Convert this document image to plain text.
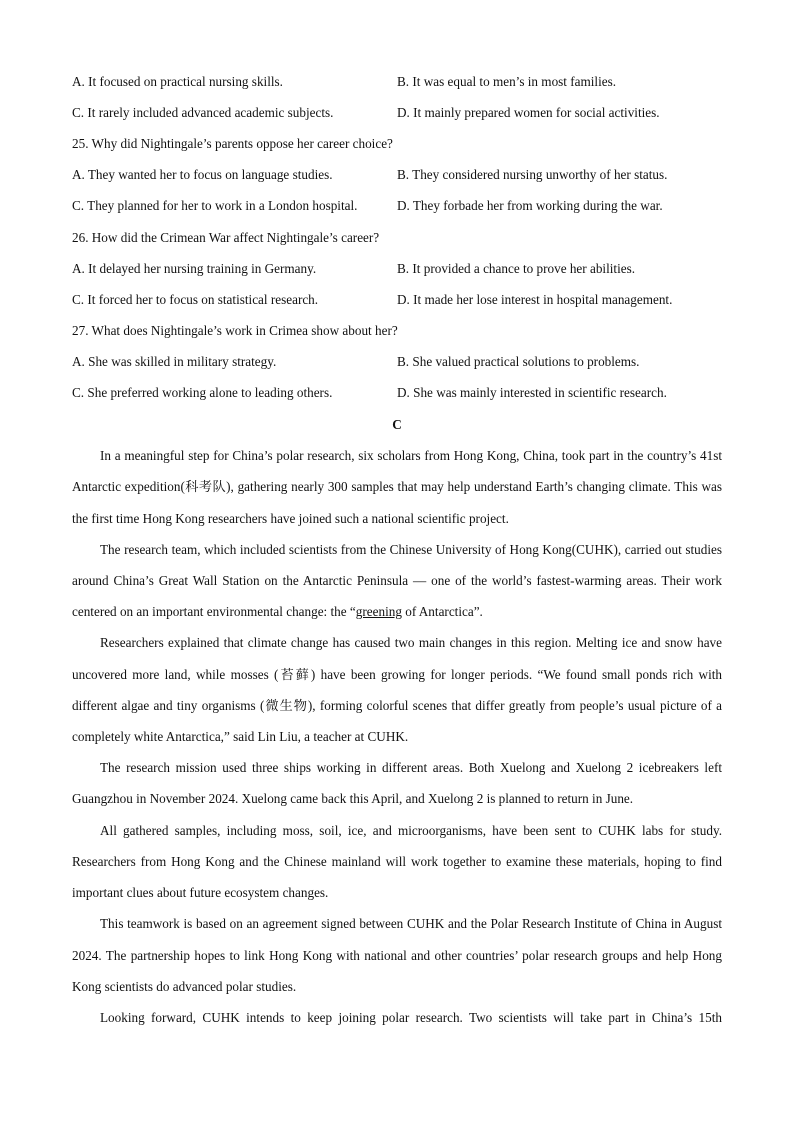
A. It focused on practical nursing skills.	B. It was equal to men’s in most families.
C. It rarely included advanced academic subjects.	D. It mainly prepared women for social activities.
25. Why did Nightingale’s parents oppose her career choice?
A. They wanted her to focus on language studies.	B. They considered nursing unworthy of her status.
C. They planned for her to work in a London hospital.	D. They forbade her from working during the war.
26. How did the Crimean War affect Nightingale’s career?
A. It delayed her nursing training in Germany.	B. It provided a chance to prove her abilities.
C. It forced her to focus on statistical research.	D. It made her lose interest in hospital management.
27. What does Nightingale’s work in Crimea show about her?
A. She was skilled in military strategy.	B. She valued practical solutions to problems.
C. She preferred working alone to leading others.	D. She was mainly interested in scientific research.
C

In a meaningful step for China’s polar research, six scholars from Hong Kong, China, took part in the country’s 41st Antarctic expedition(科考队), gathering nearly 300 samples that may help understand Earth’s changing climate. This was the first time Hong Kong researchers have joined such a national scientific project.

The research team, which included scientists from the Chinese University of Hong Kong(CUHK), carried out studies around China’s Great Wall Station on the Antarctic Peninsula — one of the world’s fastest-warming areas. Their work centered on an important environmental change: the “greening of Antarctica”.

Researchers explained that climate change has caused two main changes in this region. Melting ice and snow have uncovered more land, while mosses (苔藓) have been growing for longer periods. “We found small ponds rich with different algae and tiny organisms (微生物), forming colorful scenes that differ greatly from people’s usual picture of a completely white Antarctica,” said Lin Liu, a teacher at CUHK.

The research mission used three ships working in different areas. Both Xuelong and Xuelong 2 icebreakers left Guangzhou in November 2024. Xuelong came back this April, and Xuelong 2 is planned to return in June.

All gathered samples, including moss, soil, ice, and microorganisms, have been sent to CUHK labs for study. Researchers from Hong Kong and the Chinese mainland will work together to examine these materials, hoping to find important clues about future ecosystem changes.

This teamwork is based on an agreement signed between CUHK and the Polar Research Institute of China in August 2024. The partnership hopes to link Hong Kong with national and other countries’ polar research groups and help Hong Kong scientists do advanced polar studies.

Looking forward, CUHK intends to keep joining polar research. Two scientists will take part in China’s 15th
